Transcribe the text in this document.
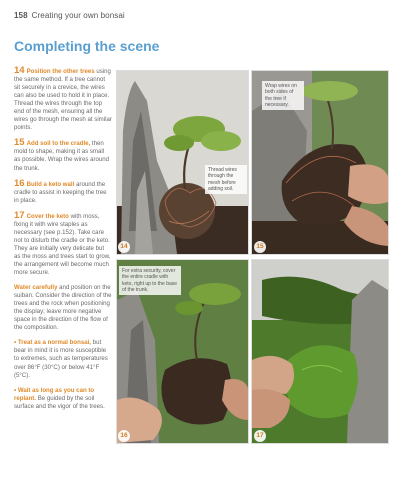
158 Creating your own bonsai
Completing the scene

14 Position the other trees using the same method. If a tree cannot sit securely in a crevice, the wires can also be used to hold it in place. Thread the wires through the top end of the mesh, ensuring all the wires go through the mesh at similar points.

15 Add soil to the cradle, then mold to shape, making it as small as possible. Wrap the wires around the trunk.

16 Build a keto wall around the cradle to assist in keeping the tree in place.

17 Cover the keto with moss, fixing it with wire staples as necessary (see p.152). Take care not to disturb the cradle or the keto. They are initially very delicate but as the moss and trees start to grow, the arrangement will become much more secure.

Water carefully and position on the suiban. Consider the direction of the trees and the rock when positioning the display; leave more negative space in the direction of the flow of the composition.

• Treat as a normal bonsai, but bear in mind it is more susceptible to extremes, such as temperatures over 86°F (30°C) or below 41°F (5°C).

• Wait as long as you can to replant. Be guided by the soil surface and the vigor of the trees.

Thread wires through the mesh before adding soil.
14
Wrap wires on both sides of the tree if necessary.
15
For extra security, cover the entire cradle with keto, right up to the base of the trunk.
16	17
